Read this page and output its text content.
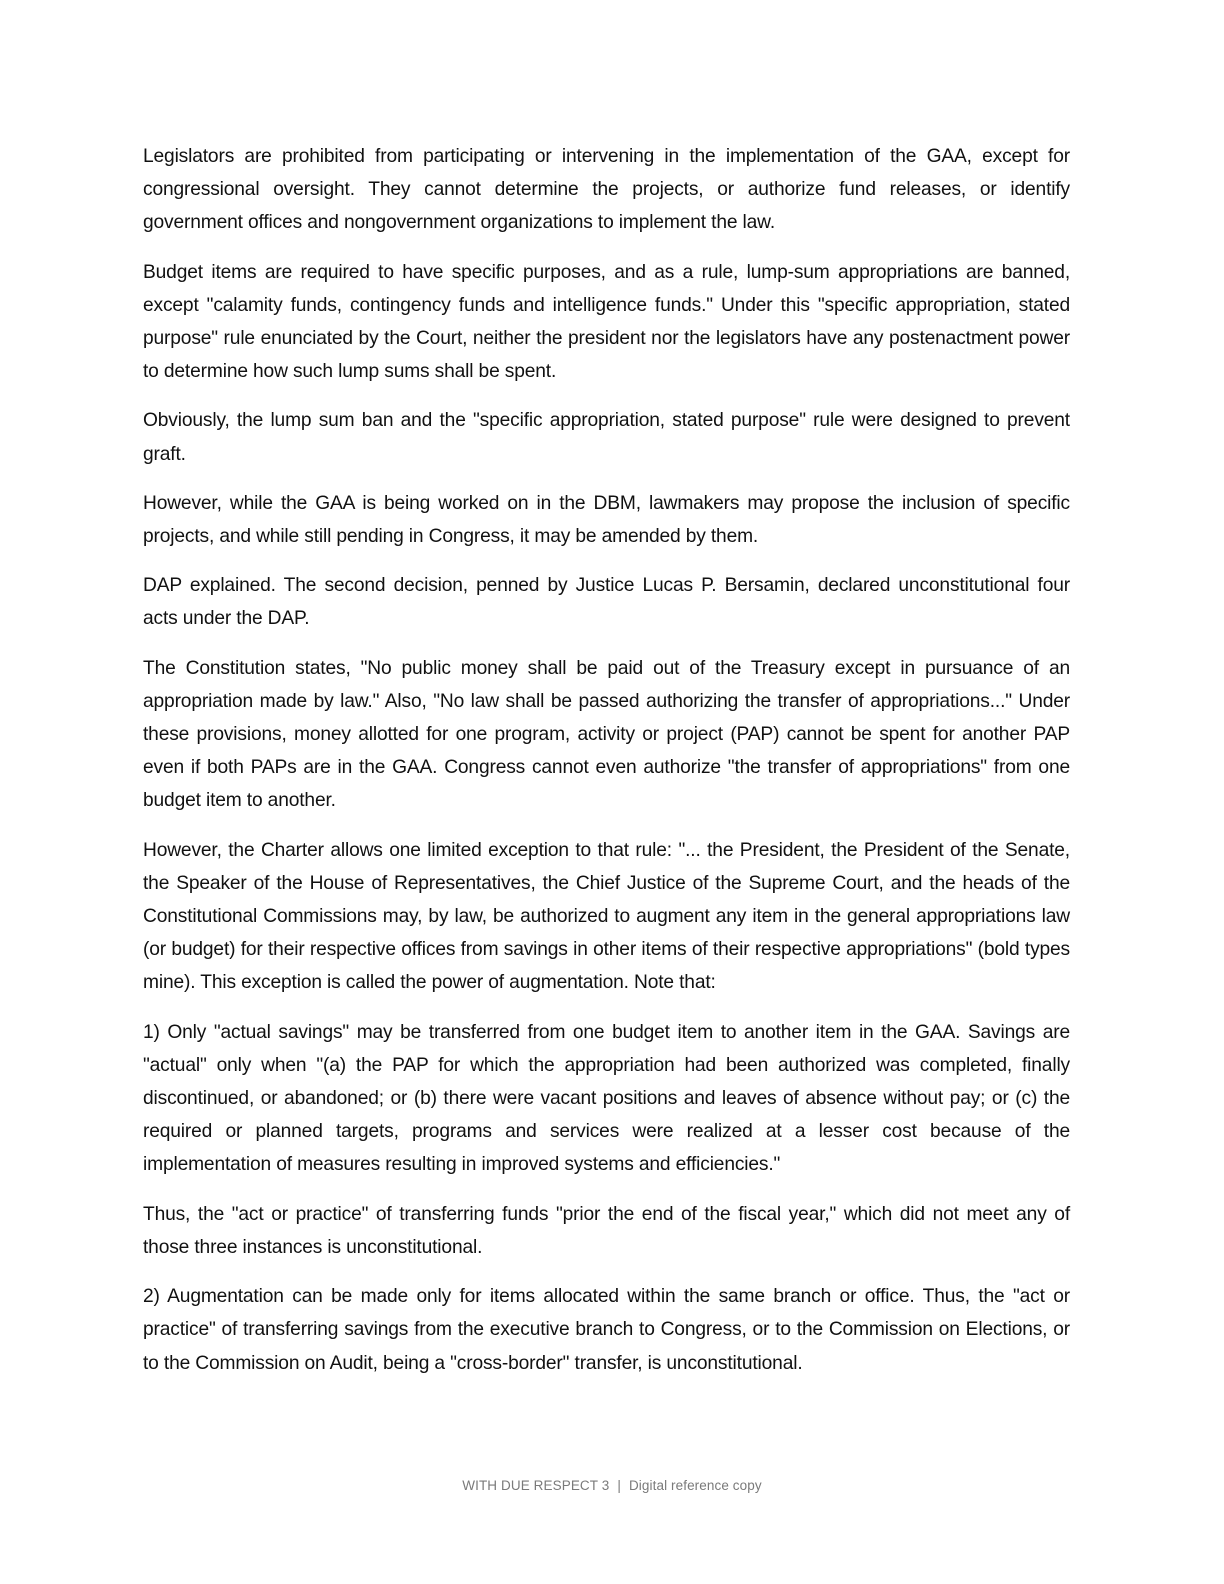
Legislators are prohibited from participating or intervening in the implementation of the GAA, except for congressional oversight. They cannot determine the projects, or authorize fund releases, or identify government offices and nongovernment organizations to implement the law.

Budget items are required to have specific purposes, and as a rule, lump-sum appropriations are banned, except "calamity funds, contingency funds and intelligence funds." Under this "specific appropriation, stated purpose" rule enunciated by the Court, neither the president nor the legislators have any postenactment power to determine how such lump sums shall be spent.

Obviously, the lump sum ban and the "specific appropriation, stated purpose" rule were designed to prevent graft.

However, while the GAA is being worked on in the DBM, lawmakers may propose the inclusion of specific projects, and while still pending in Congress, it may be amended by them.

DAP explained. The second decision, penned by Justice Lucas P. Bersamin, declared unconstitutional four acts under the DAP.

The Constitution states, "No public money shall be paid out of the Treasury except in pursuance of an appropriation made by law." Also, "No law shall be passed authorizing the transfer of appropriations..." Under these provisions, money allotted for one program, activity or project (PAP) cannot be spent for another PAP even if both PAPs are in the GAA. Congress cannot even authorize "the transfer of appropriations" from one budget item to another.

However, the Charter allows one limited exception to that rule: "... the President, the President of the Senate, the Speaker of the House of Representatives, the Chief Justice of the Supreme Court, and the heads of the Constitutional Commissions may, by law, be authorized to augment any item in the general appropriations law (or budget) for their respective offices from savings in other items of their respective appropriations" (bold types mine). This exception is called the power of augmentation. Note that:

1) Only "actual savings" may be transferred from one budget item to another item in the GAA. Savings are "actual" only when "(a) the PAP for which the appropriation had been authorized was completed, finally discontinued, or abandoned; or (b) there were vacant positions and leaves of absence without pay; or (c) the required or planned targets, programs and services were realized at a lesser cost because of the implementation of measures resulting in improved systems and efficiencies."

Thus, the "act or practice" of transferring funds "prior the end of the fiscal year," which did not meet any of those three instances is unconstitutional.

2) Augmentation can be made only for items allocated within the same branch or office. Thus, the "act or practice" of transferring savings from the executive branch to Congress, or to the Commission on Elections, or to the Commission on Audit, being a "cross-border" transfer, is unconstitutional.

WITH DUE RESPECT 3 | Digital reference copy
